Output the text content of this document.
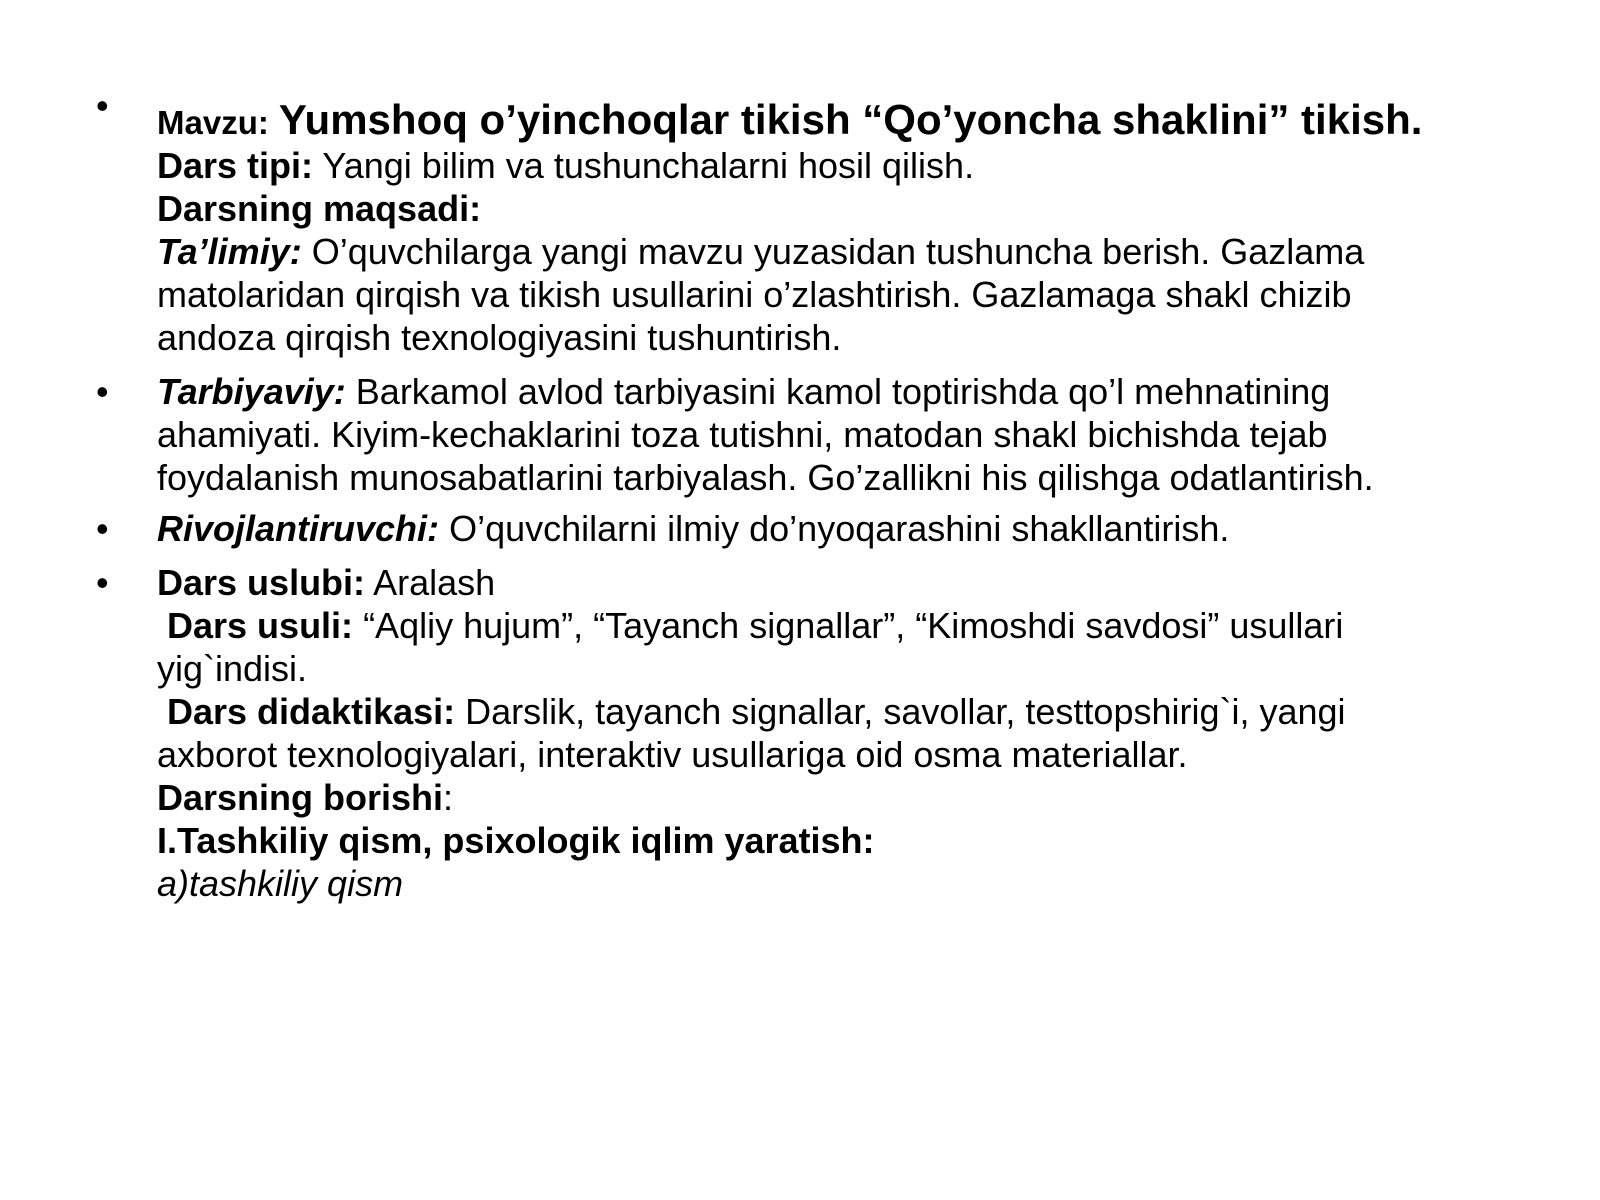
•	Mavzu: Yumshoq o’yinchoqlar tikish “Qo’yoncha shaklini” tikish.
Dars tipi: Yangi bilim va tushunchalarni hosil qilish.
Darsning maqsadi:
Ta’limiy: O’quvchilarga yangi mavzu yuzasidan tushuncha berish. Gazlama
matolaridan qirqish va tikish usullarini o’zlashtirish. Gazlamaga shakl chizib
andoza qirqish texnologiyasini tushuntirish.
•	Tarbiyaviy: Barkamol avlod tarbiyasini kamol toptirishda qo’l mehnatining
ahamiyati. Kiyim-kechaklarini toza tutishni, matodan shakl bichishda tejab
foydalanish munosabatlarini tarbiyalash. Go’zallikni his qilishga odatlantirish.
•	Rivojlantiruvchi: O’quvchilarni ilmiy do’nyoqarashini shakllantirish.
•	Dars uslubi: Aralash
Dars usuli: “Aqliy hujum”, “Tayanch signallar”, “Kimoshdi savdosi” usullari
yig`indisi.
Dars didaktikasi: Darslik, tayanch signallar, savollar, testtopshirig`i, yangi
axborot texnologiyalari, interaktiv usullariga oid osma materiallar.
Darsning borishi:
I.Tashkiliy qism, psixologik iqlim yaratish:
a)tashkiliy qism
